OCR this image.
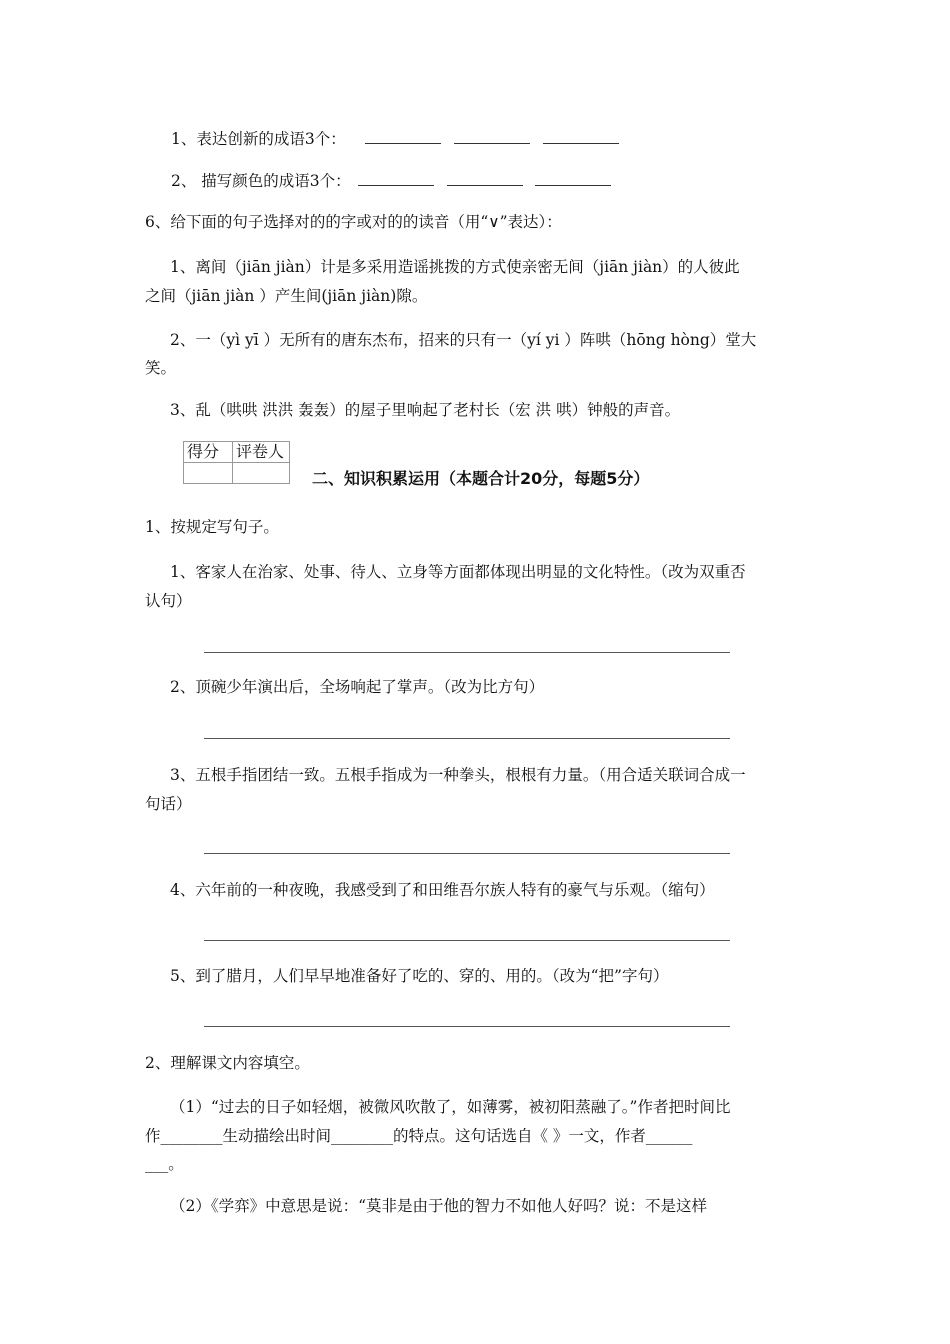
1、表达创新的成语3个：
2、 描写颜色的成语3个：
6、给下面的句子选择对的的字或对的的读音（用“∨”表达）：
1、离间（jiān jiàn）计是多采用造谣挑拨的方式使亲密无间（jiān jiàn）的人彼此
之间（jiān jiàn ）产生间(jiān jiàn)隙。
2、一（yì yī ）无所有的唐东杰布，招来的只有一（yí yi ）阵哄（hōng hòng）堂大
笑。
3、乱（哄哄 洪洪 轰轰）的屋子里响起了老村长（宏 洪 哄）钟般的声音。
得分	评卷人

二、知识积累运用（本题合计20分，每题5分）
1、按规定写句子。
1、客家人在治家、处事、待人、立身等方面都体现出明显的文化特性。（改为双重否
认句）
2、顶碗少年演出后，全场响起了掌声。（改为比方句）
3、五根手指团结一致。五根手指成为一种拳头，根根有力量。（用合适关联词合成一
句话）
4、六年前的一种夜晚，我感受到了和田维吾尔族人特有的豪气与乐观。（缩句）
5、到了腊月，人们早早地准备好了吃的、穿的、用的。（改为“把”字句）
2、理解课文内容填空。
（1）“过去的日子如轻烟，被微风吹散了，如薄雾，被初阳蒸融了。”作者把时间比
作________生动描绘出时间________的特点。这句话选自《 》一文，作者______
___。
（2）《学弈》中意思是说：“莫非是由于他的智力不如他人好吗？说：不是这样
